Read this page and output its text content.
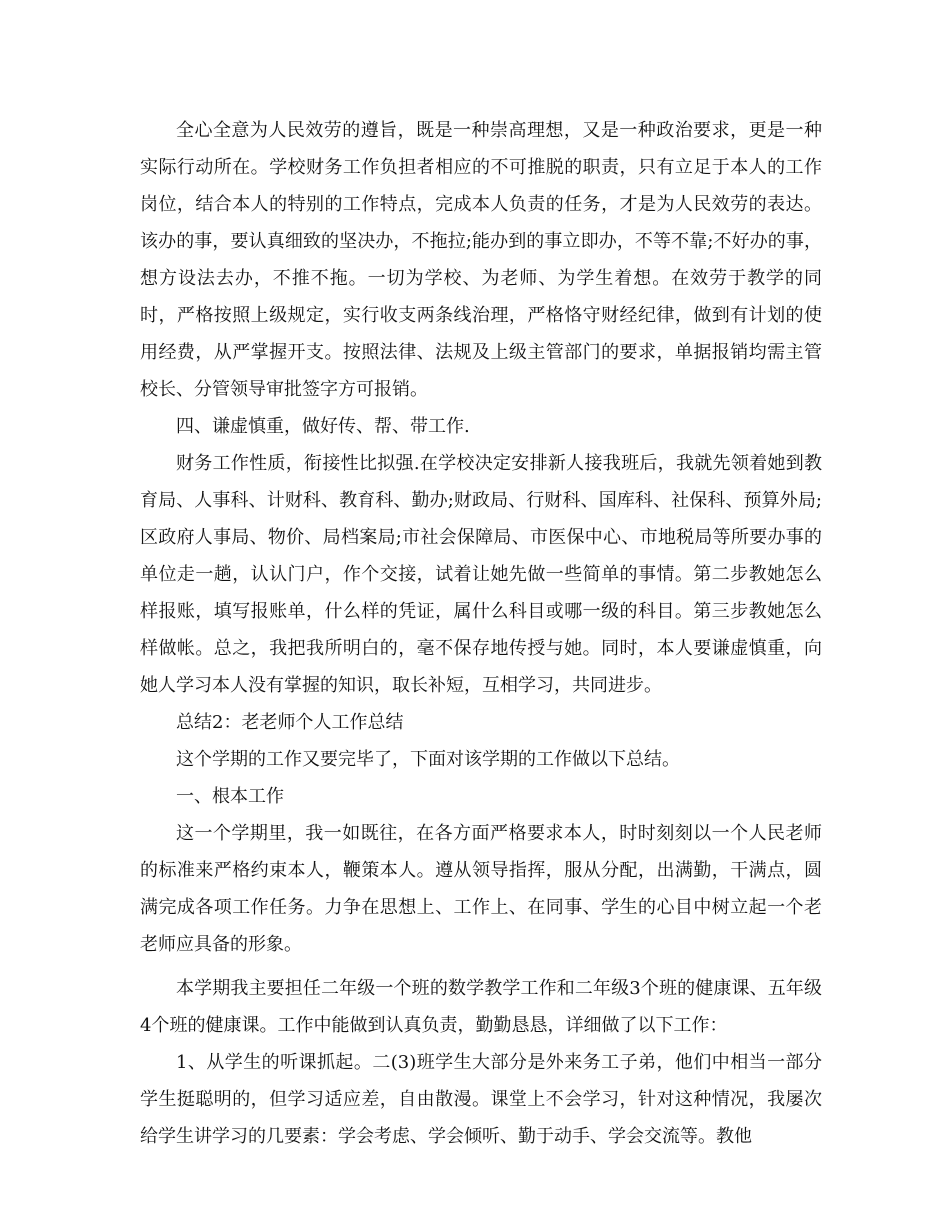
全心全意为人民效劳的遵旨，既是一种崇高理想，又是一种政治要求，更是一种实际行动所在。学校财务工作负担者相应的不可推脱的职责，只有立足于本人的工作岗位，结合本人的特别的工作特点，完成本人负责的任务，才是为人民效劳的表达。该办的事，要认真细致的坚决办，不拖拉;能办到的事立即办，不等不靠;不好办的事，想方设法去办，不推不拖。一切为学校、为老师、为学生着想。在效劳于教学的同时，严格按照上级规定，实行收支两条线治理，严格恪守财经纪律，做到有计划的使用经费，从严掌握开支。按照法律、法规及上级主管部门的要求，单据报销均需主管校长、分管领导审批签字方可报销。

四、谦虚慎重，做好传、帮、带工作.

财务工作性质，衔接性比拟强.在学校决定安排新人接我班后，我就先领着她到教育局、人事科、计财科、教育科、勤办;财政局、行财科、国库科、社保科、预算外局;区政府人事局、物价、局档案局;市社会保障局、市医保中心、市地税局等所要办事的单位走一趟，认认门户，作个交接，试着让她先做一些简单的事情。第二步教她怎么样报账，填写报账单，什么样的凭证，属什么科目或哪一级的科目。第三步教她怎么样做帐。总之，我把我所明白的，毫不保存地传授与她。同时，本人要谦虚慎重，向她人学习本人没有掌握的知识，取长补短，互相学习，共同进步。

总结2：老老师个人工作总结

这个学期的工作又要完毕了，下面对该学期的工作做以下总结。

一、根本工作

这一个学期里，我一如既往，在各方面严格要求本人，时时刻刻以一个人民老师的标准来严格约束本人，鞭策本人。遵从领导指挥，服从分配，出满勤，干满点，圆满完成各项工作任务。力争在思想上、工作上、在同事、学生的心目中树立起一个老老师应具备的形象。

本学期我主要担任二年级一个班的数学教学工作和二年级3个班的健康课、五年级4个班的健康课。工作中能做到认真负责，勤勤恳恳，详细做了以下工作：

1、从学生的听课抓起。二(3)班学生大部分是外来务工子弟，他们中相当一部分学生挺聪明的，但学习适应差，自由散漫。课堂上不会学习，针对这种情况，我屡次给学生讲学习的几要素：学会考虑、学会倾听、勤于动手、学会交流等。教他
